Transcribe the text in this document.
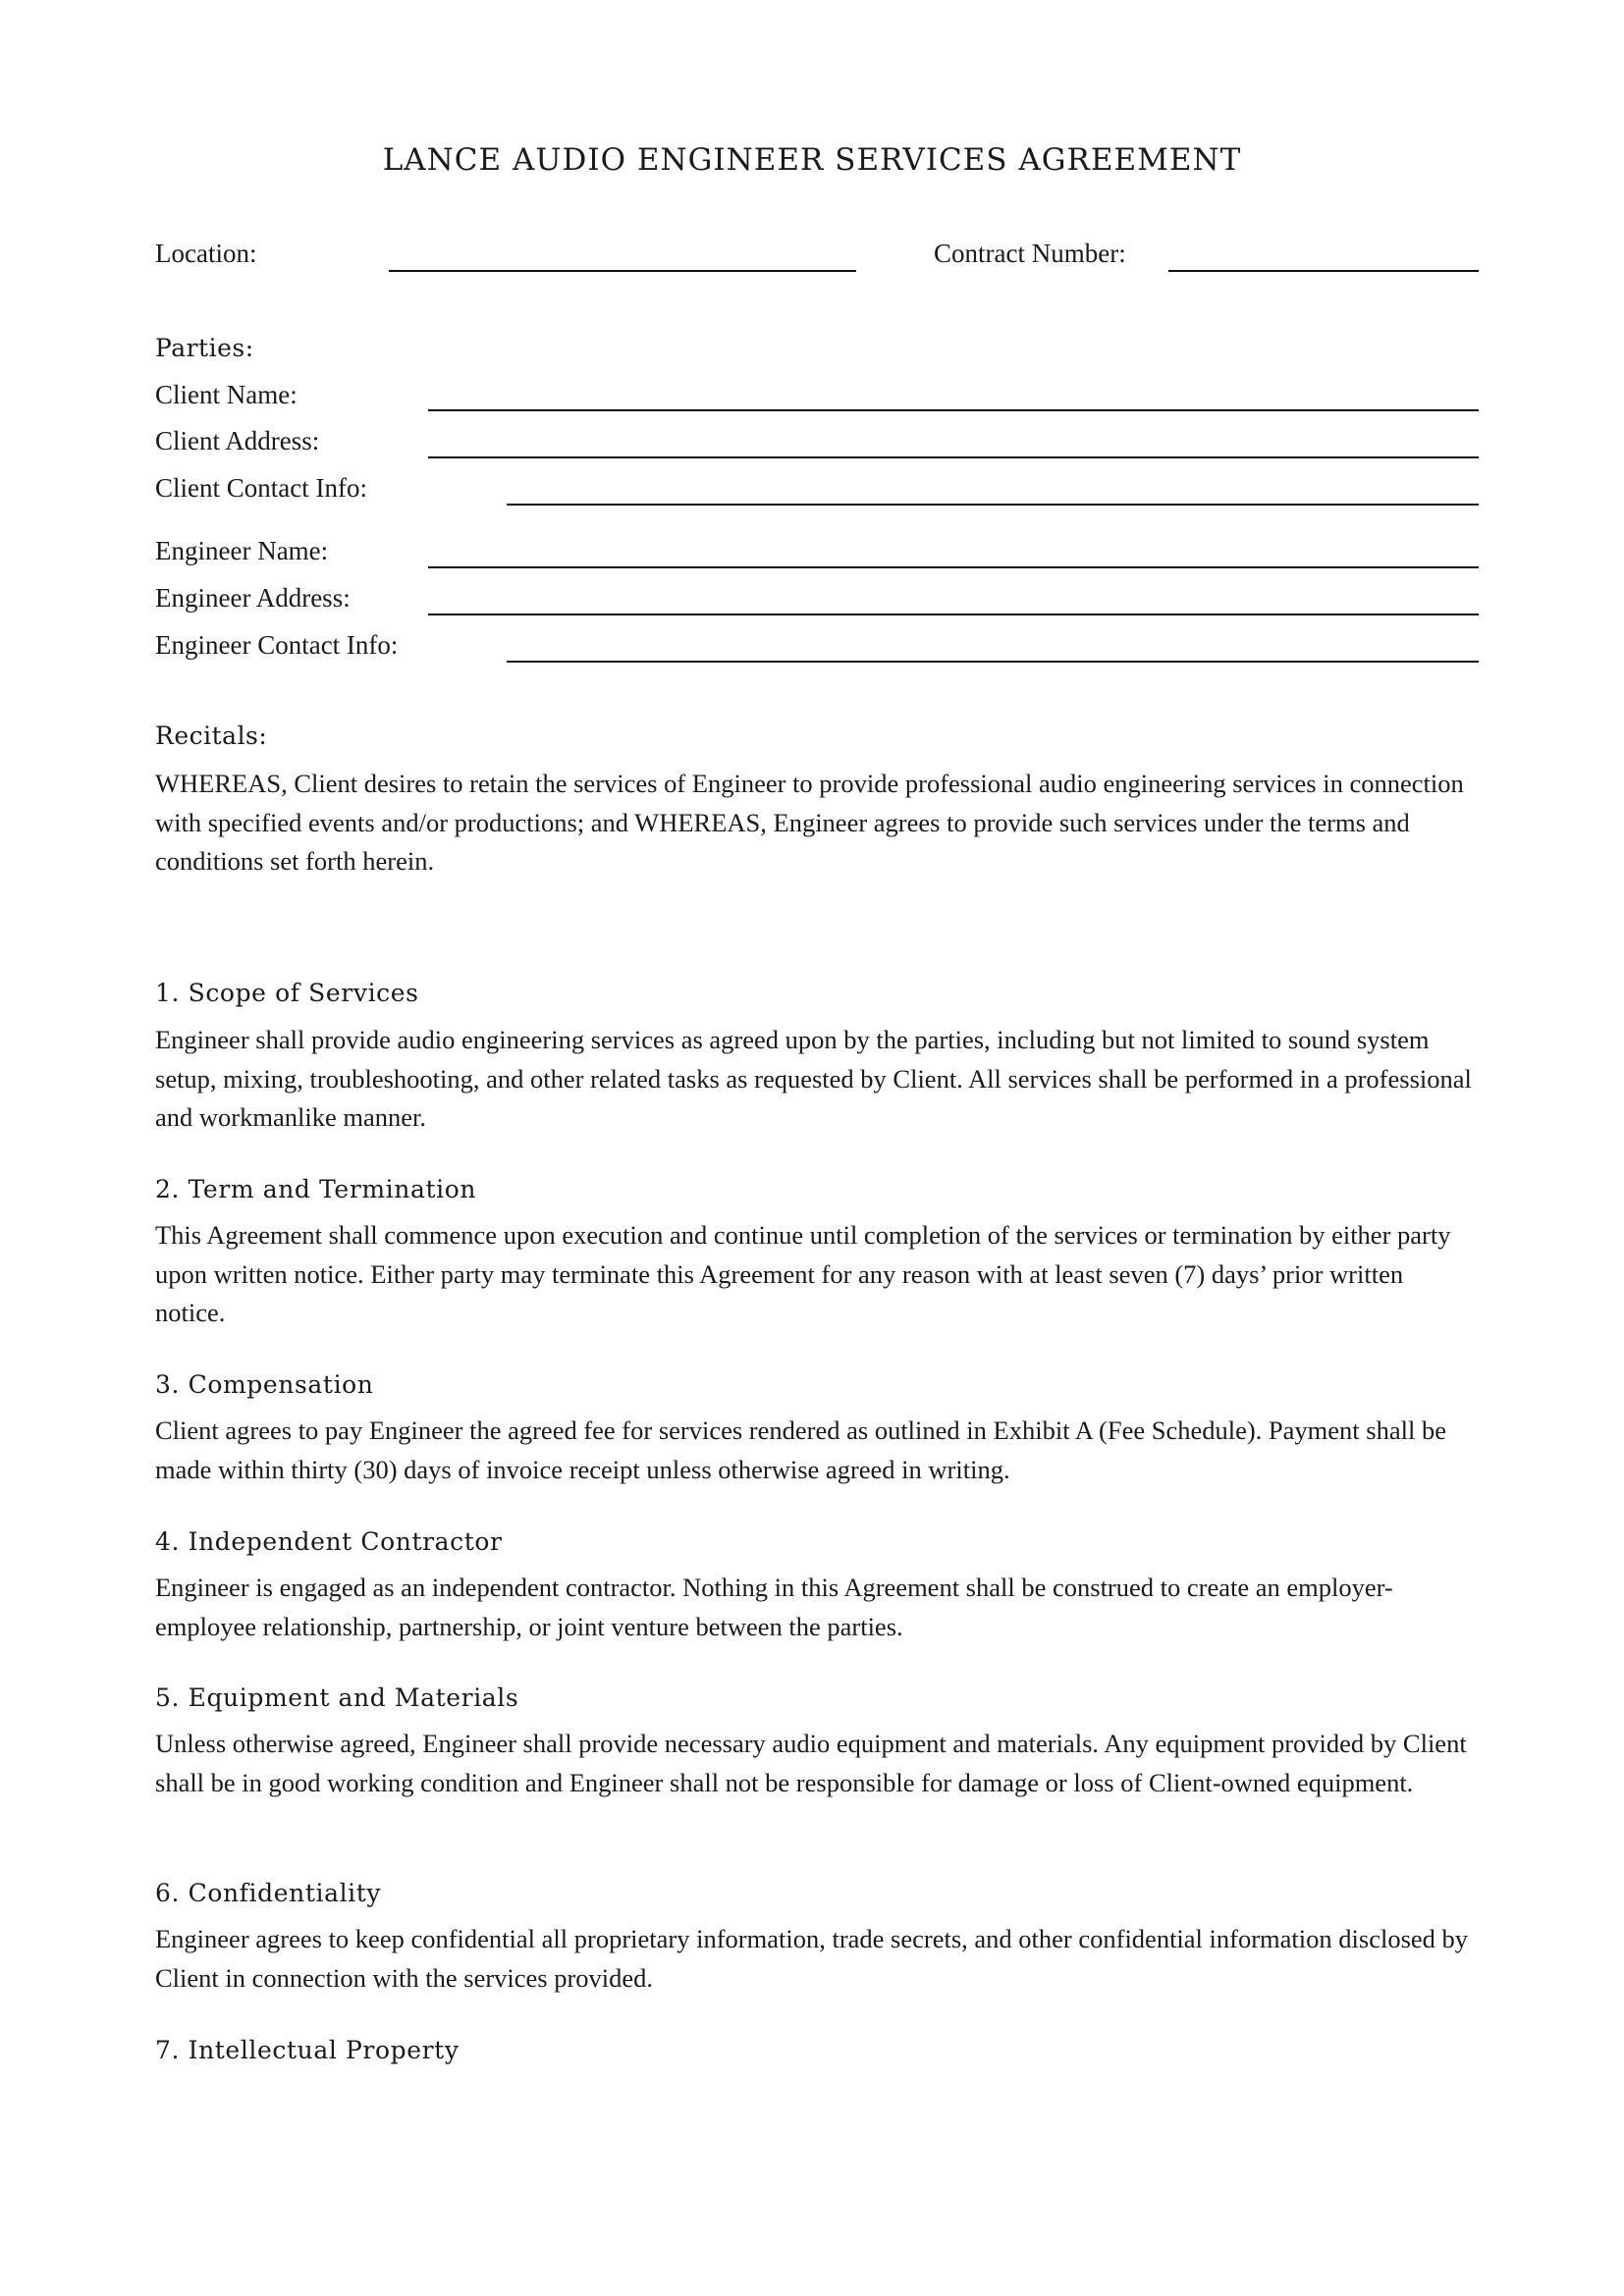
LANCE AUDIO ENGINEER SERVICES AGREEMENT
Location:	Contract Number:
Parties:
Client Name:
Client Address:
Client Contact Info:
Engineer Name:
Engineer Address:
Engineer Contact Info:
Recitals:

WHEREAS, Client desires to retain the services of Engineer to provide professional audio engineering services in connection with specified events and/or productions; and WHEREAS, Engineer agrees to provide such services under the terms and conditions set forth herein.

1. Scope of Services

Engineer shall provide audio engineering services as agreed upon by the parties, including but not limited to sound system setup, mixing, troubleshooting, and other related tasks as requested by Client. All services shall be performed in a professional and workmanlike manner.

2. Term and Termination

This Agreement shall commence upon execution and continue until completion of the services or termination by either party upon written notice. Either party may terminate this Agreement for any reason with at least seven (7) days’ prior written notice.

3. Compensation

Client agrees to pay Engineer the agreed fee for services rendered as outlined in Exhibit A (Fee Schedule). Payment shall be made within thirty (30) days of invoice receipt unless otherwise agreed in writing.

4. Independent Contractor

Engineer is engaged as an independent contractor. Nothing in this Agreement shall be construed to create an employer-employee relationship, partnership, or joint venture between the parties.

5. Equipment and Materials

Unless otherwise agreed, Engineer shall provide necessary audio equipment and materials. Any equipment provided by Client shall be in good working condition and Engineer shall not be responsible for damage or loss of Client-owned equipment.

6. Confidentiality

Engineer agrees to keep confidential all proprietary information, trade secrets, and other confidential information disclosed by Client in connection with the services provided.

7. Intellectual Property
